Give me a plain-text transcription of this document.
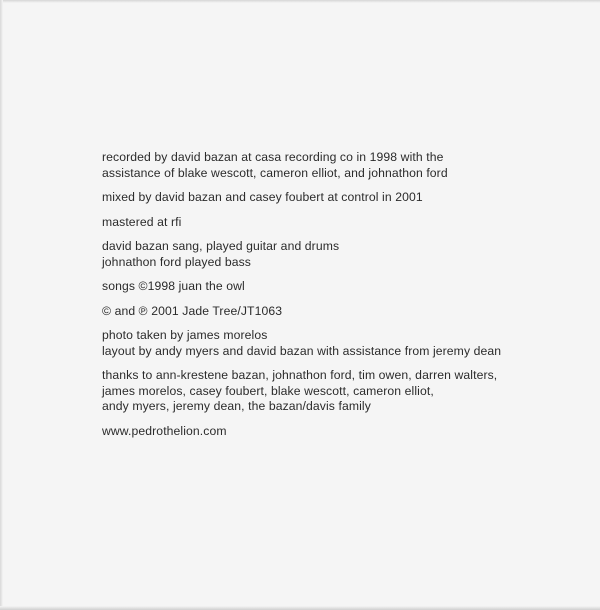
recorded by david bazan at casa recording co in 1998 with the
assistance of blake wescott, cameron elliot, and johnathon ford
mixed by david bazan and casey foubert at control in 2001
mastered at rfi
david bazan sang, played guitar and drums
johnathon ford played bass
songs ©1998 juan the owl
© and ℗ 2001 Jade Tree/JT1063
photo taken by james morelos
layout by andy myers and david bazan with assistance from jeremy dean
thanks to ann-krestene bazan, johnathon ford, tim owen, darren walters,
james morelos, casey foubert, blake wescott, cameron elliot,
andy myers, jeremy dean, the bazan/davis family
www.pedrothelion.com
